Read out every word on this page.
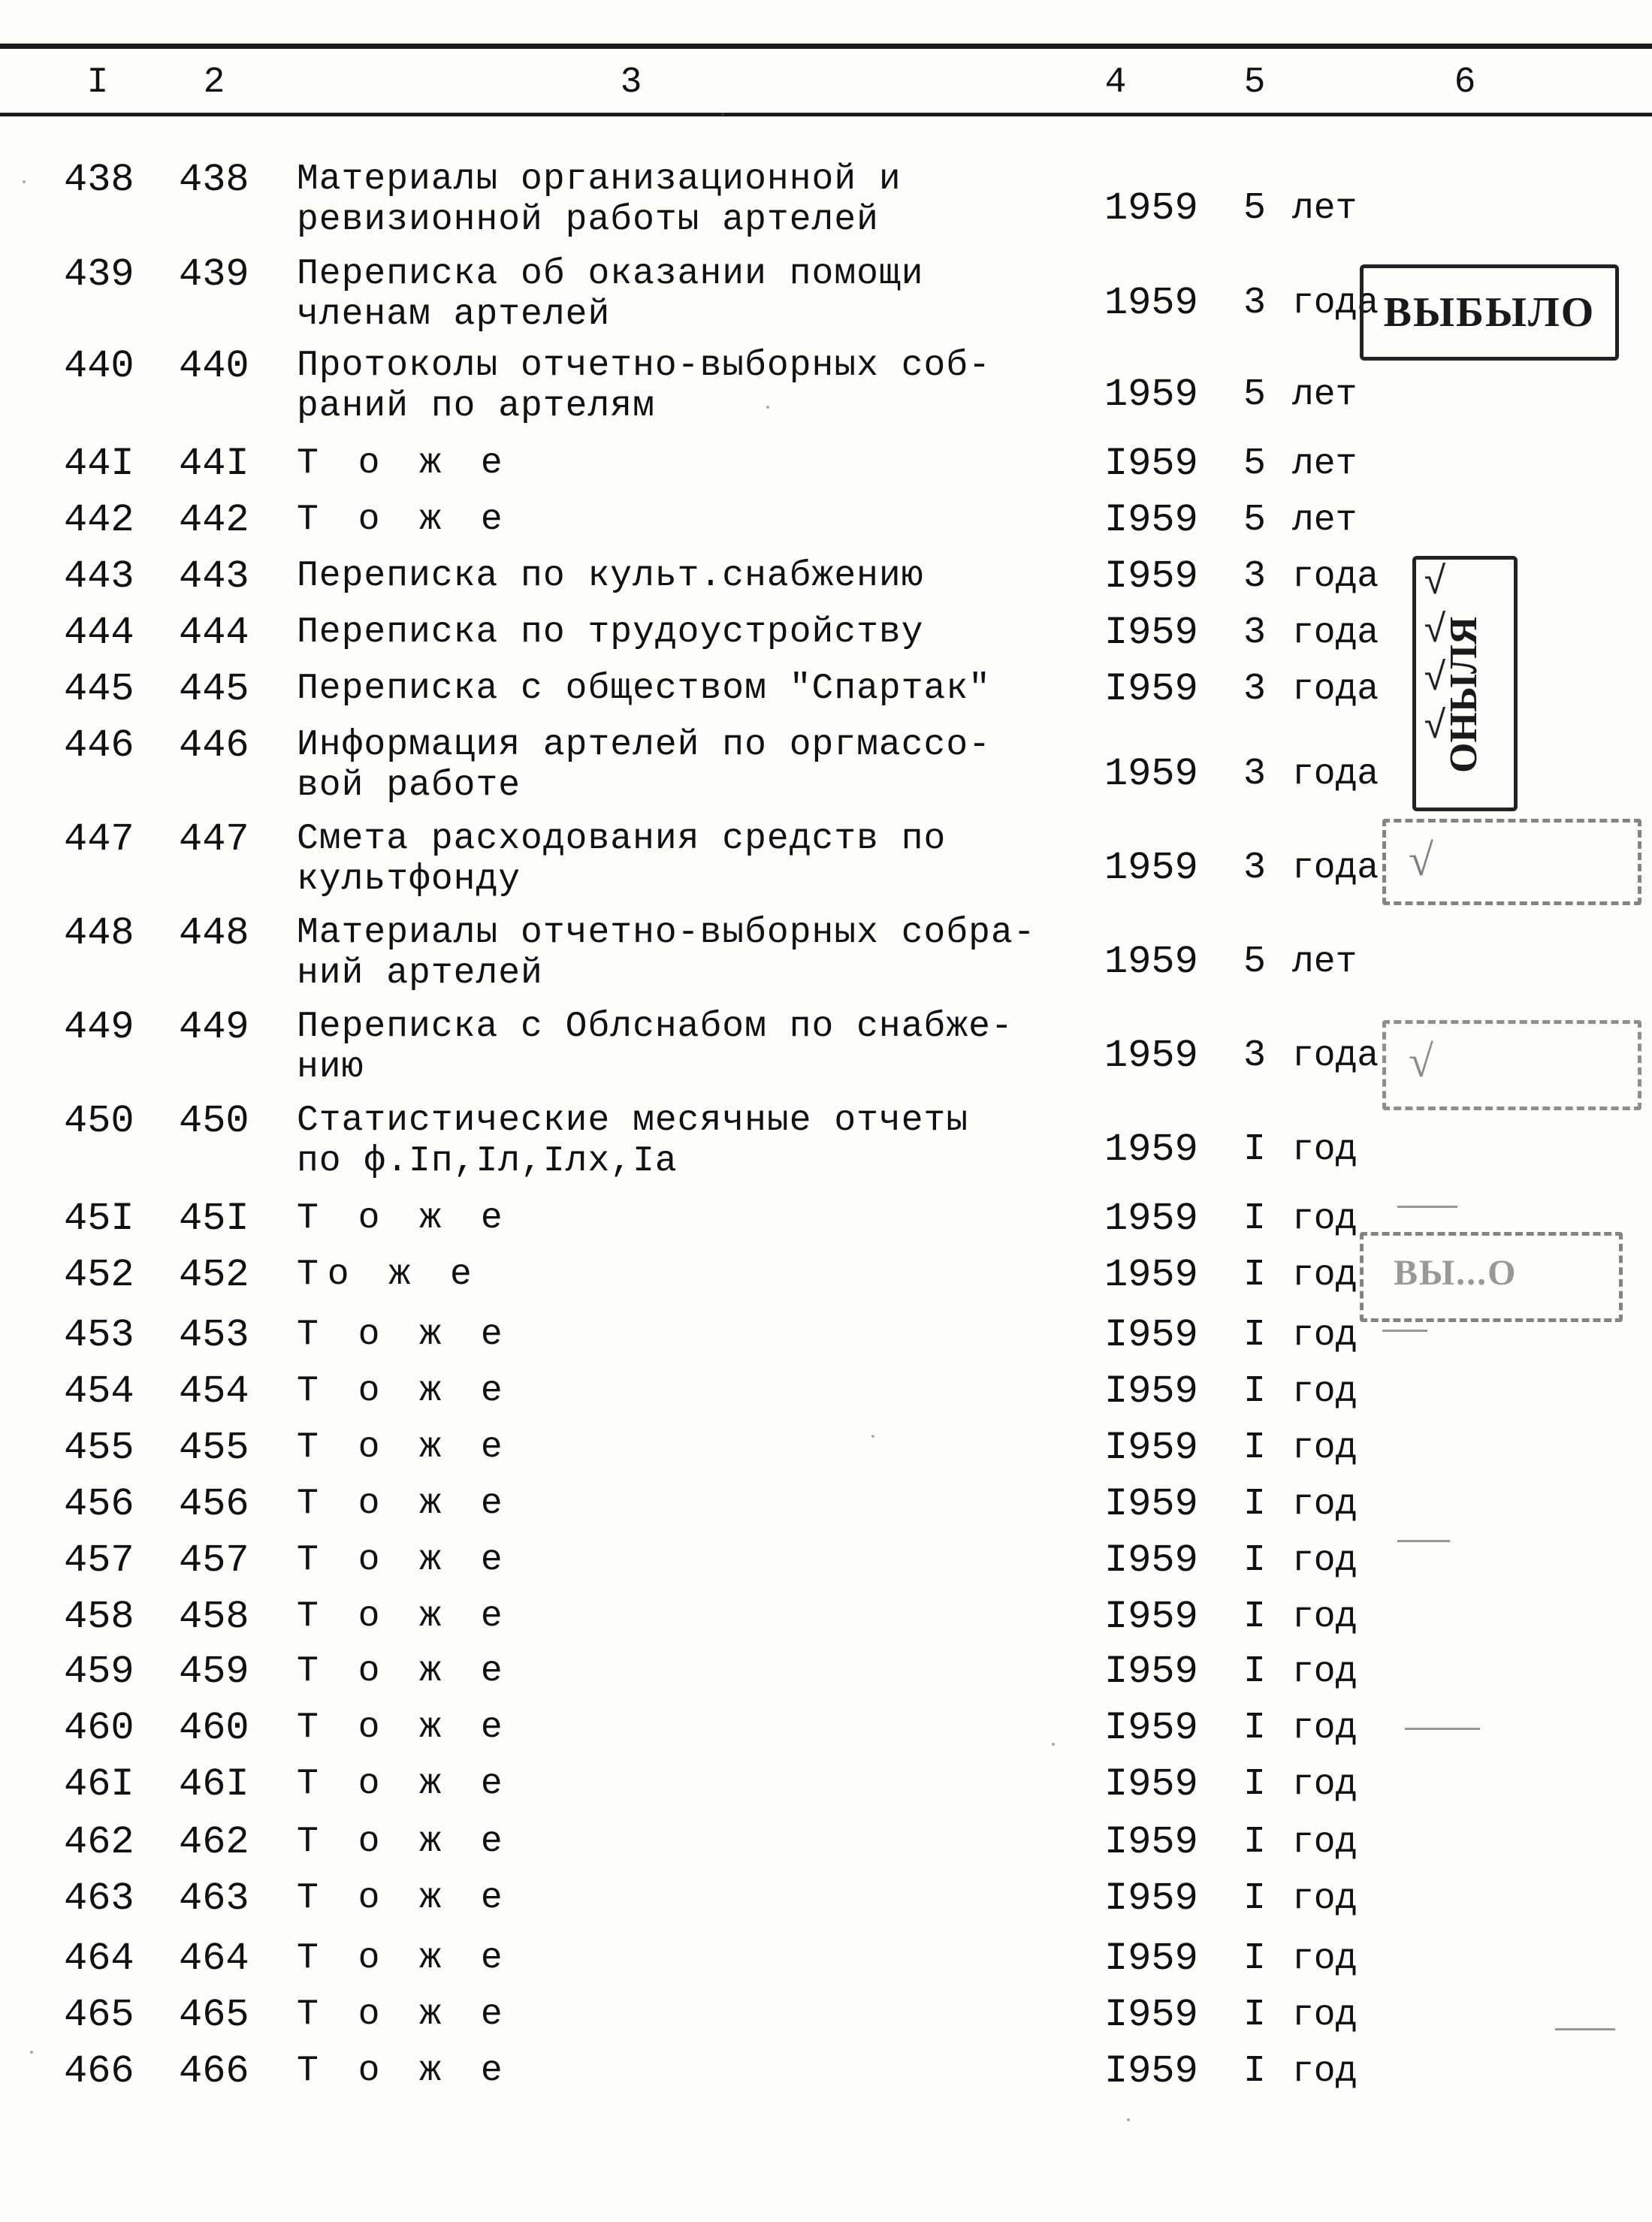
I	2	3	4	5	6
438 438 Материалы организационной и
ревизионной работы артелей	1959 5 лет
439 439 Переписка об оказании помощи
членам артелей	1959 3 года
440 440 Протоколы отчетно-выборных соб-
раний по артелям	1959 5 лет
44I 44I Т о ж е	I959 5 лет
442 442 Т о ж е	I959 5 лет
443 443 Переписка по культ.снабжению	I959 3 года
444 444 Переписка по трудоустройству	I959 3 года
445 445 Переписка с обществом "Спартак"	I959 3 года
446 446 Информация артелей по оргмассо-
вой работе	1959 3 года
447 447 Смета расходования средств по
культфонду	1959 3 года
448 448 Материалы отчетно-выборных собра-
ний артелей	1959 5 лет
449 449 Переписка с Облснабом по снабже-
нию	1959 3 года
450 450 Статистические месячные отчеты
по ф.Iп,Iл,Iлх,Iа	1959 I год
45I 45I Т о ж е	1959 I год
452 452 То ж е	1959 I год
453 453 Т о ж е	I959 I год
454 454 Т о ж е	I959 I год
455 455 Т о ж е	I959 I год
456 456 Т о ж е	I959 I год
457 457 Т о ж е	I959 I год
458 458 Т о ж е	I959 I год
459 459 Т о ж е	I959 I год
460 460 Т о ж е	I959 I год
46I 46I Т о ж е	I959 I год
462 462 Т о ж е	I959 I год
463 463 Т о ж е	I959 I год
464 464 Т о ж е	I959 I год
465 465 Т о ж е	I959 I год
466 466 Т о ж е	I959 I год
ВЫБЫЛО
ОНЫЛЯ
√
√
√
√
√
√
ВЫ...О
